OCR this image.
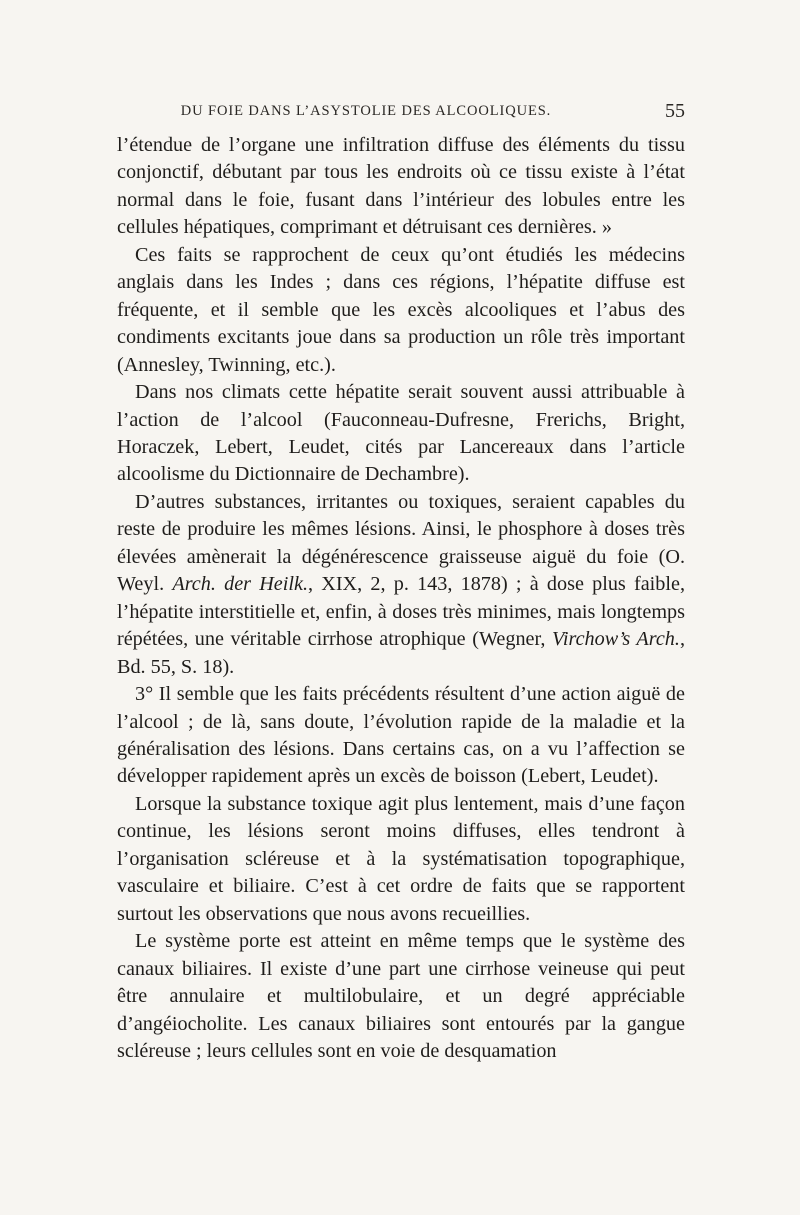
DU FOIE DANS L’ASYSTOLIE DES ALCOOLIQUES.	55

l’étendue de l’organe une infiltration diffuse des éléments du tissu conjonctif, débutant par tous les endroits où ce tissu existe à l’état normal dans le foie, fusant dans l’intérieur des lobules entre les cellules hépatiques, comprimant et détruisant ces dernières. »

Ces faits se rapprochent de ceux qu’ont étudiés les médecins anglais dans les Indes ; dans ces régions, l’hépatite diffuse est fréquente, et il semble que les excès alcooliques et l’abus des condiments excitants joue dans sa production un rôle très important (Annesley, Twinning, etc.).

Dans nos climats cette hépatite serait souvent aussi attribuable à l’action de l’alcool (Fauconneau-Dufresne, Frerichs, Bright, Horaczek, Lebert, Leudet, cités par Lancereaux dans l’article alcoolisme du Dictionnaire de Dechambre).

D’autres substances, irritantes ou toxiques, seraient capables du reste de produire les mêmes lésions. Ainsi, le phosphore à doses très élevées amènerait la dégénérescence graisseuse aiguë du foie (O. Weyl. Arch. der Heilk., XIX, 2, p. 143, 1878) ; à dose plus faible, l’hépatite interstitielle et, enfin, à doses très minimes, mais longtemps répétées, une véritable cirrhose atrophique (Wegner, Virchow’s Arch., Bd. 55, S. 18).

3° Il semble que les faits précédents résultent d’une action aiguë de l’alcool ; de là, sans doute, l’évolution rapide de la maladie et la généralisation des lésions. Dans certains cas, on a vu l’affection se développer rapidement après un excès de boisson (Lebert, Leudet).

Lorsque la substance toxique agit plus lentement, mais d’une façon continue, les lésions seront moins diffuses, elles tendront à l’organisation scléreuse et à la systématisation topographique, vasculaire et biliaire. C’est à cet ordre de faits que se rapportent surtout les observations que nous avons recueillies.

Le système porte est atteint en même temps que le système des canaux biliaires. Il existe d’une part une cirrhose veineuse qui peut être annulaire et multilobulaire, et un degré appréciable d’angéiocholite. Les canaux biliaires sont entourés par la gangue scléreuse ; leurs cellules sont en voie de desquamation
